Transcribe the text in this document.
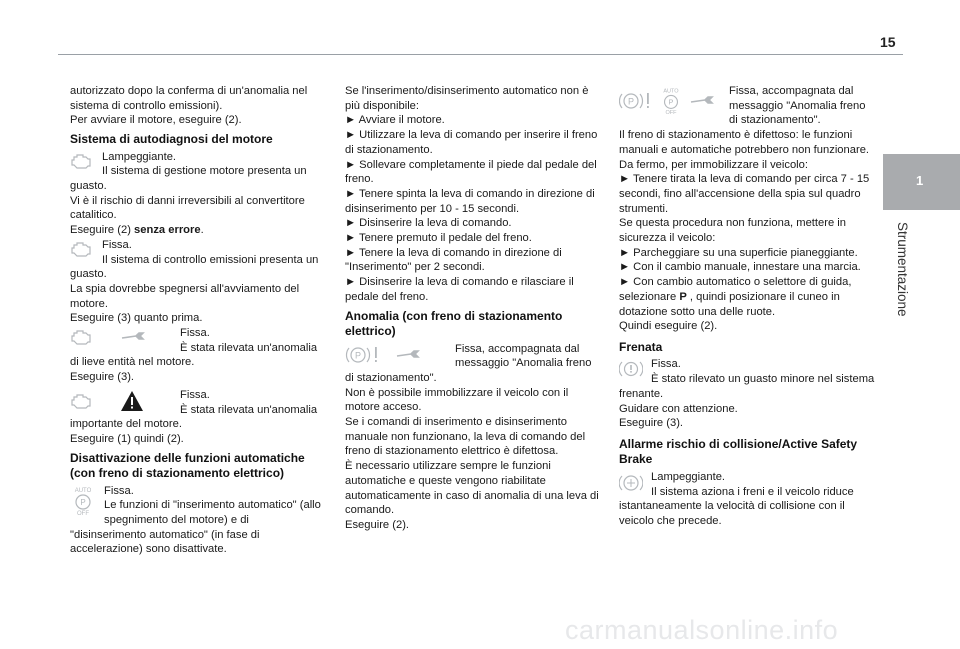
15
1
Strumentazione

autorizzato dopo la conferma di un'anomalia nel sistema di controllo emissioni).

Per avviare il motore, eseguire (2).

Sistema di autodiagnosi del motore

Lampeggiante.

Il sistema di gestione motore presenta un guasto.

Vi è il rischio di danni irreversibili al convertitore catalitico.

Eseguire (2) senza errore.

Fissa.

Il sistema di controllo emissioni presenta un guasto.

La spia dovrebbe spegnersi all'avviamento del motore.

Eseguire (3) quanto prima.

Fissa.

È stata rilevata un'anomalia di lieve entità nel motore.

Eseguire (3).

Fissa.

È stata rilevata un'anomalia importante del motore.

Eseguire (1) quindi (2).

Disattivazione delle funzioni automatiche (con freno di stazionamento elettrico)
AUTO
P
OFF

Fissa.

Le funzioni di "inserimento automatico" (allo spegnimento del motore) e di "disinserimento automatico" (in fase di accelerazione) sono disattivate.

Se l'inserimento/disinserimento automatico non è più disponibile:

► Avviare il motore.

► Utilizzare la leva di comando per inserire il freno di stazionamento.

► Sollevare completamente il piede dal pedale del freno.

► Tenere spinta la leva di comando in direzione di disinserimento per 10 - 15 secondi.

► Disinserire la leva di comando.

► Tenere premuto il pedale del freno.

► Tenere la leva di comando in direzione di "Inserimento" per 2 secondi.

► Disinserire la leva di comando e rilasciare il pedale del freno.

Anomalia (con freno di stazionamento elettrico)
P

Fissa, accompagnata dal messaggio "Anomalia freno di stazionamento".

Non è possibile immobilizzare il veicolo con il motore acceso.

Se i comandi di inserimento e disinserimento manuale non funzionano, la leva di comando del freno di stazionamento elettrico è difettosa.

È necessario utilizzare sempre le funzioni automatiche e queste vengono riabilitate automaticamente in caso di anomalia di una leva di comando.

Eseguire (2).

P
AUTO
P
OFF

Fissa, accompagnata dal messaggio "Anomalia freno di stazionamento".

Il freno di stazionamento è difettoso: le funzioni manuali e automatiche potrebbero non funzionare.

Da fermo, per immobilizzare il veicolo:

► Tenere tirata la leva di comando per circa 7 - 15 secondi, fino all'accensione della spia sul quadro strumenti.

Se questa procedura non funziona, mettere in sicurezza il veicolo:

► Parcheggiare su una superficie pianeggiante.

► Con il cambio manuale, innestare una marcia.

► Con cambio automatico o selettore di guida, selezionare P , quindi posizionare il cuneo in dotazione sotto una delle ruote.

Quindi eseguire (2).

Frenata

Fissa.

È stato rilevato un guasto minore nel sistema frenante.

Guidare con attenzione.

Eseguire (3).

Allarme rischio di collisione/Active Safety Brake

Lampeggiante.

Il sistema aziona i freni e il veicolo riduce istantaneamente la velocità di collisione con il veicolo che precede.

carmanualsonline.info
